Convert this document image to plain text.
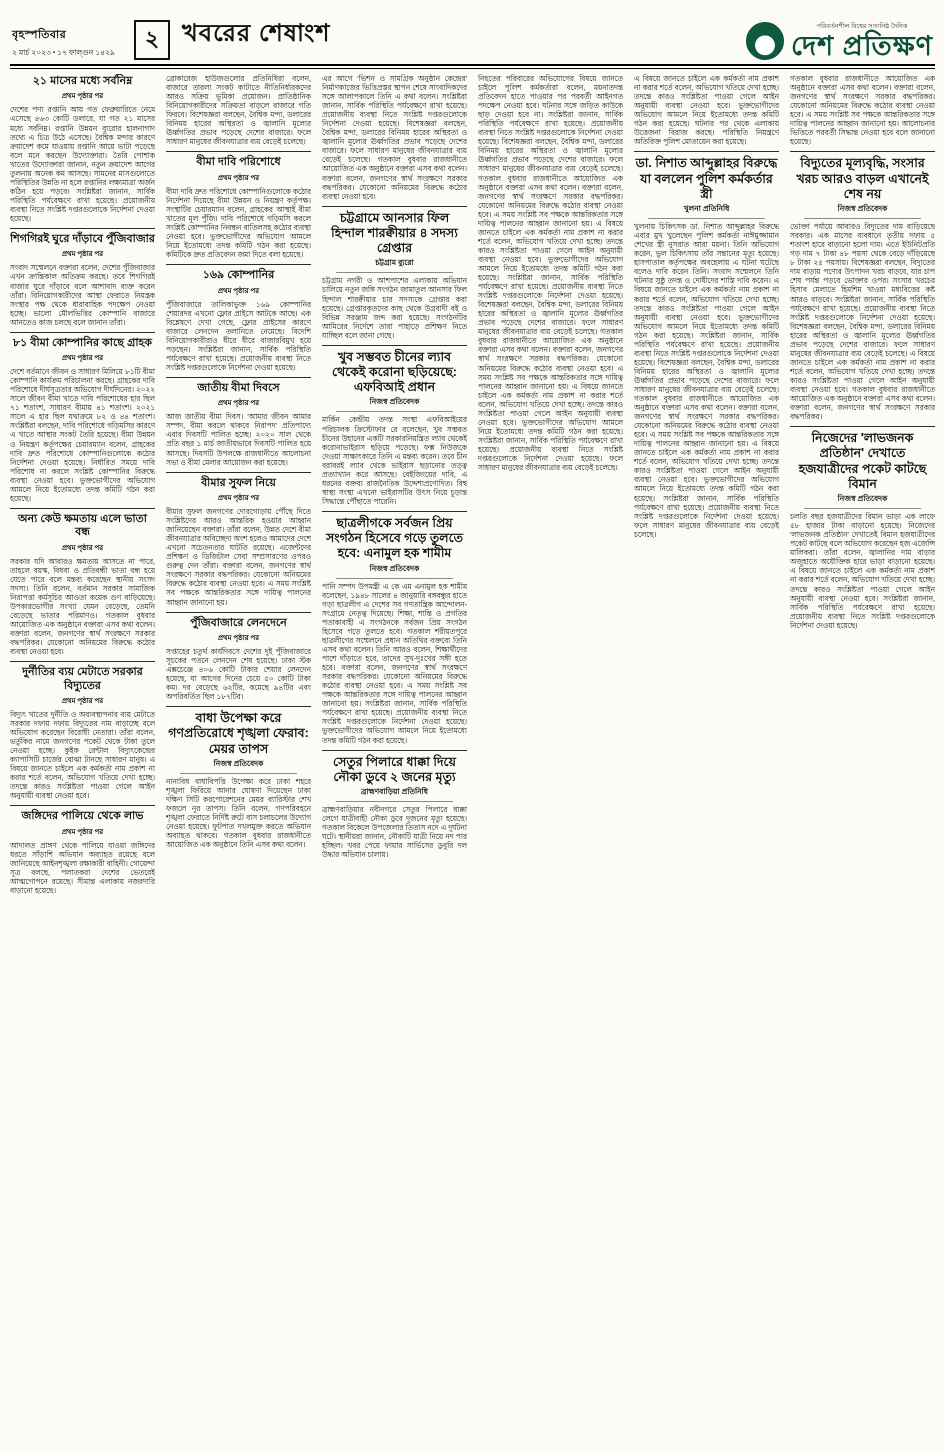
বৃহস্পতিবার
২ মার্চ ২০২৩ ▪ ১৭ ফাল্গুন ১৪২৯
২ খবরের শেষাংশ	পরিবর্তনশীল বিশ্বের সত্যনিষ্ঠ দৈনিক
দেশ প্রতিক্ষণ
২১ মাসের মধ্যে সর্বনিম্ন
প্রথম পৃষ্ঠার পর

দেশের পণ্য রপ্তানি আয় গত ফেব্রুয়ারিতে নেমে এসেছে ৪৬৩ কোটি ডলারে, যা গত ২১ মাসের মধ্যে সর্বনিম্ন। রপ্তানি উন্নয়ন ব্যুরোর হালনাগাদ তথ্যে এ চিত্র উঠে এসেছে। বৈশ্বিক মন্দার কারণে ক্রয়াদেশ কমে যাওয়ায় রপ্তানি আয়ে ভাটা পড়েছে বলে মনে করছেন উদ্যোক্তারা। তৈরি পোশাক খাতের উদ্যোক্তারা জানান, নতুন ক্রয়াদেশ আগের তুলনায় অনেক কম আসছে। সামনের মাসগুলোতে পরিস্থিতির উন্নতি না হলে রপ্তানির লক্ষ্যমাত্রা অর্জন কঠিন হয়ে পড়বে। সংশ্লিষ্টরা জানান, সার্বিক পরিস্থিতি পর্যবেক্ষণে রাখা হয়েছে। প্রয়োজনীয় ব্যবস্থা নিতে সংশ্লিষ্ট দপ্তরগুলোকে নির্দেশনা দেওয়া হয়েছে।

শিগগিরই ঘুরে দাঁড়াবে পুঁজিবাজার
প্রথম পৃষ্ঠার পর

সংবাদ সম্মেলনে বক্তারা বলেন, দেশের পুঁজিবাজার এখন ক্রান্তিকাল অতিক্রম করছে। তবে শিগগিরই বাজার ঘুরে দাঁড়াবে বলে আশাবাদ ব্যক্ত করেন তাঁরা। বিনিয়োগকারীদের আস্থা ফেরাতে নিয়ন্ত্রক সংস্থার পক্ষ থেকে ধারাবাহিক পদক্ষেপ নেওয়া হচ্ছে। ভালো মৌলভিত্তির কোম্পানি বাজারে আনতেও কাজ চলছে বলে জানান তাঁরা।

৮১ বীমা কোম্পানির কাছে গ্রাহক
প্রথম পৃষ্ঠার পর

দেশে বর্তমানে জীবন ও সাধারণ মিলিয়ে ৮১টি বীমা কোম্পানি কার্যক্রম পরিচালনা করছে। গ্রাহকের দাবি পরিশোধে দীর্ঘসূত্রতার অভিযোগ দীর্ঘদিনের। ২০২২ সালে জীবন বীমা খাতে দাবি পরিশোধের হার ছিল ৭১ শতাংশ, সাধারণ বীমায় ৪১ শতাংশ। ২০২১ সালে এ হার ছিল যথাক্রমে ৮২ ও ৪৪ শতাংশ। সংশ্লিষ্টরা বলছেন, দাবি পরিশোধে গড়িমসির কারণে এ খাতে আস্থার সংকট তৈরি হয়েছে। বীমা উন্নয়ন ও নিয়ন্ত্রণ কর্তৃপক্ষের চেয়ারম্যান বলেন, গ্রাহকের দাবি দ্রুত পরিশোধে কোম্পানিগুলোকে কঠোর নির্দেশনা দেওয়া হয়েছে। নির্ধারিত সময়ে দাবি পরিশোধ না করলে সংশ্লিষ্ট কোম্পানির বিরুদ্ধে ব্যবস্থা নেওয়া হবে। ভুক্তভোগীদের অভিযোগ আমলে নিয়ে ইতোমধ্যে তদন্ত কমিটি গঠন করা হয়েছে।

অন্য কেউ ক্ষমতায় এলে ভাতা বন্ধ
প্রথম পৃষ্ঠার পর

সরকার যদি আবারও ক্ষমতায় আসতে না পারে, তাহলে বয়স্ক, বিধবা ও প্রতিবন্ধী ভাতা বন্ধ হয়ে যেতে পারে বলে মন্তব্য করেছেন স্থানীয় সংসদ সদস্য। তিনি বলেন, বর্তমান সরকার সামাজিক নিরাপত্তা কর্মসূচির আওতা কয়েক গুণ বাড়িয়েছে। উপকারভোগীর সংখ্যা যেমন বেড়েছে, তেমনি বেড়েছে ভাতার পরিমাণও। গতকাল বুধবার আয়োজিত এক অনুষ্ঠানে বক্তারা এসব কথা বলেন। বক্তারা বলেন, জনগণের স্বার্থ সংরক্ষণে সরকার বদ্ধপরিকর। যেকোনো অনিয়মের বিরুদ্ধে কঠোর ব্যবস্থা নেওয়া হবে।

দুর্নীতির ব্যয় মেটাতে সরকার বিদ্যুতের
প্রথম পৃষ্ঠার পর

বিদ্যুৎ খাতের দুর্নীতি ও অব্যবস্থাপনার ব্যয় মেটাতে সরকার দফায় দফায় বিদ্যুতের দাম বাড়াচ্ছে বলে অভিযোগ করেছেন বিরোধী নেতারা। তাঁরা বলেন, ভর্তুকির নামে জনগণের পকেট থেকে টাকা তুলে নেওয়া হচ্ছে। কুইক রেন্টাল বিদ্যুৎকেন্দ্রের ক্যাপাসিটি চার্জের বোঝা টানছে সাধারণ মানুষ। এ বিষয়ে জানতে চাইলে এক কর্মকর্তা নাম প্রকাশ না করার শর্তে বলেন, অভিযোগ খতিয়ে দেখা হচ্ছে। তদন্তে কারও সংশ্লিষ্টতা পাওয়া গেলে আইন অনুযায়ী ব্যবস্থা নেওয়া হবে।

জঙ্গিদের পালিয়ে থেকে লাভ
প্রথম পৃষ্ঠার পর

আদালত প্রাঙ্গণ থেকে পালিয়ে যাওয়া জঙ্গিদের ধরতে সাঁড়াশি অভিযান অব্যাহত রয়েছে বলে জানিয়েছে আইনশৃঙ্খলা রক্ষাকারী বাহিনী। গোয়েন্দা সূত্র বলছে, পলাতকরা দেশের ভেতরেই আত্মগোপনে রয়েছে। সীমান্ত এলাকায় নজরদারি বাড়ানো হয়েছে।

ব্রোকারেজ হাউজগুলোর প্রতিনিধিরা বলেন, বাজারে তারল্য সংকট কাটাতে নীতিনির্ধারকদের আরও সক্রিয় ভূমিকা প্রয়োজন। প্রাতিষ্ঠানিক বিনিয়োগকারীদের সক্রিয়তা বাড়লে বাজারে গতি ফিরবে। বিশেষজ্ঞরা বলছেন, বৈশ্বিক মন্দা, ডলারের বিনিময় হারের অস্থিরতা ও জ্বালানি মূল্যের ঊর্ধ্বগতির প্রভাব পড়েছে দেশের বাজারে। ফলে সাধারণ মানুষের জীবনযাত্রার ব্যয় বেড়েই চলেছে।

বীমা দাবি পরিশোধে
প্রথম পৃষ্ঠার পর

বীমা দাবি দ্রুত পরিশোধে কোম্পানিগুলোকে কঠোর নির্দেশনা দিয়েছে বীমা উন্নয়ন ও নিয়ন্ত্রণ কর্তৃপক্ষ। সংস্থাটির চেয়ারম্যান বলেন, গ্রাহকের আস্থাই বীমা খাতের মূল পুঁজি। দাবি পরিশোধে গড়িমসি করলে সংশ্লিষ্ট কোম্পানির নিবন্ধন বাতিলসহ কঠোর ব্যবস্থা নেওয়া হবে। ভুক্তভোগীদের অভিযোগ আমলে নিয়ে ইতোমধ্যে তদন্ত কমিটি গঠন করা হয়েছে। কমিটিকে দ্রুত প্রতিবেদন জমা দিতে বলা হয়েছে।

১৬৯ কোম্পানির
প্রথম পৃষ্ঠার পর

পুঁজিবাজারে তালিকাভুক্ত ১৬৯ কোম্পানির শেয়ারদর এখনো ফ্লোর প্রাইসে আটকে আছে। এক বিশ্লেষণে দেখা গেছে, ফ্লোর প্রাইসের কারণে বাজারে লেনদেন তলানিতে নেমেছে। বিদেশি বিনিয়োগকারীরাও ধীরে ধীরে বাজারবিমুখ হয়ে পড়ছেন। সংশ্লিষ্টরা জানান, সার্বিক পরিস্থিতি পর্যবেক্ষণে রাখা হয়েছে। প্রয়োজনীয় ব্যবস্থা নিতে সংশ্লিষ্ট দপ্তরগুলোকে নির্দেশনা দেওয়া হয়েছে।

জাতীয় বীমা দিবসে
প্রথম পৃষ্ঠার পর

আজ জাতীয় বীমা দিবস। 'আমার জীবন আমার সম্পদ, বীমা করলে থাকবে নিরাপদ' প্রতিপাদ্যে এবার দিবসটি পালিত হচ্ছে। ২০২০ সাল থেকে প্রতি বছর ১ মার্চ জাতীয়ভাবে দিবসটি পালিত হয়ে আসছে। দিবসটি উপলক্ষে রাজধানীতে আলোচনা সভা ও বীমা মেলার আয়োজন করা হয়েছে।

বীমার সুফল নিয়ে
প্রথম পৃষ্ঠার পর

বীমার সুফল জনগণের দোরগোড়ায় পৌঁছে দিতে সংশ্লিষ্টদের আরও আন্তরিক হওয়ার আহ্বান জানিয়েছেন বক্তারা। তাঁরা বলেন, উন্নত দেশে বীমা জীবনযাত্রার অবিচ্ছেদ্য অংশ হলেও আমাদের দেশে এখনো সচেতনতার ঘাটতি রয়েছে। এজেন্টদের প্রশিক্ষণ ও ডিজিটাল সেবা সম্প্রসারণের ওপরও গুরুত্ব দেন তাঁরা। বক্তারা বলেন, জনগণের স্বার্থ সংরক্ষণে সরকার বদ্ধপরিকর। যেকোনো অনিয়মের বিরুদ্ধে কঠোর ব্যবস্থা নেওয়া হবে। এ সময় সংশ্লিষ্ট সব পক্ষকে আন্তরিকতার সঙ্গে দায়িত্ব পালনের আহ্বান জানানো হয়।

পুঁজিবাজারে লেনদেনে
প্রথম পৃষ্ঠার পর

সপ্তাহের চতুর্থ কার্যদিবসে দেশের দুই পুঁজিবাজারে সূচকের পতনে লেনদেন শেষ হয়েছে। ঢাকা স্টক এক্সচেঞ্জে ৪০৬ কোটি টাকার শেয়ার লেনদেন হয়েছে, যা আগের দিনের চেয়ে ৫০ কোটি টাকা কম। দর বেড়েছে ৬২টির, কমেছে ৯৪টির এবং অপরিবর্তিত ছিল ১৮৭টির।

বাধা উপেক্ষা করে গণপ্রতিরোধে শৃঙ্খলা ফেরাব: মেয়র তাপস
নিজস্ব প্রতিবেদক

নানাবিধ বাধাবিপত্তি উপেক্ষা করে ঢাকা শহরে শৃঙ্খলা ফিরিয়ে আনার ঘোষণা দিয়েছেন ঢাকা দক্ষিণ সিটি করপোরেশনের মেয়র ব্যারিস্টার শেখ ফজলে নূর তাপস। তিনি বলেন, গণপরিবহনে শৃঙ্খলা ফেরাতে নির্দিষ্ট রুটে বাস চলাচলের উদ্যোগ নেওয়া হয়েছে। ফুটপাত দখলমুক্ত করতে অভিযান অব্যাহত থাকবে। গতকাল বুধবার রাজধানীতে আয়োজিত এক অনুষ্ঠানে তিনি এসব কথা বলেন।

এর আগে 'ভিশন ও সামগ্রিক অনুষ্ঠান কেন্দ্রের' নির্মাণকাজের ভিত্তিপ্রস্তর স্থাপন শেষে সাংবাদিকদের সঙ্গে আলাপকালে তিনি এ কথা বলেন। সংশ্লিষ্টরা জানান, সার্বিক পরিস্থিতি পর্যবেক্ষণে রাখা হয়েছে। প্রয়োজনীয় ব্যবস্থা নিতে সংশ্লিষ্ট দপ্তরগুলোকে নির্দেশনা দেওয়া হয়েছে। বিশেষজ্ঞরা বলছেন, বৈশ্বিক মন্দা, ডলারের বিনিময় হারের অস্থিরতা ও জ্বালানি মূল্যের ঊর্ধ্বগতির প্রভাব পড়েছে দেশের বাজারে। ফলে সাধারণ মানুষের জীবনযাত্রার ব্যয় বেড়েই চলেছে। গতকাল বুধবার রাজধানীতে আয়োজিত এক অনুষ্ঠানে বক্তারা এসব কথা বলেন। বক্তারা বলেন, জনগণের স্বার্থ সংরক্ষণে সরকার বদ্ধপরিকর। যেকোনো অনিয়মের বিরুদ্ধে কঠোর ব্যবস্থা নেওয়া হবে।

চট্টগ্রামে আনসার ফিল হিন্দাল শারক্বীয়ার ৪ সদস্য গ্রেপ্তার
চট্টগ্রাম ব্যুরো

চট্টগ্রাম নগরী ও আশপাশের এলাকায় অভিযান চালিয়ে নতুন জঙ্গি সংগঠন জামাতুল আনসার ফিল হিন্দাল শারক্বীয়ার চার সদস্যকে গ্রেপ্তার করা হয়েছে। গ্রেপ্তারকৃতদের কাছ থেকে উগ্রবাদী বই ও বিভিন্ন সরঞ্জাম জব্দ করা হয়েছে। সংগঠনটির আমিরের নির্দেশে তারা পাহাড়ে প্রশিক্ষণ নিতে যাচ্ছিল বলে জানা গেছে।

খুব সম্ভবত চীনের ল্যাব থেকেই করোনা ছড়িয়েছে: এফবিআই প্রধান
নিজস্ব প্রতিবেদক

মার্কিন কেন্দ্রীয় তদন্ত সংস্থা এফবিআইয়ের পরিচালক ক্রিস্টোফার রে বলেছেন, খুব সম্ভবত চীনের উহানের একটি সরকারনিয়ন্ত্রিত ল্যাব থেকেই করোনাভাইরাস ছড়িয়ে পড়েছে। ফক্স নিউজকে দেওয়া সাক্ষাৎকারে তিনি এ মন্তব্য করেন। তবে চীন বরাবরই ল্যাব থেকে ভাইরাস ছড়ানোর তত্ত্ব প্রত্যাখ্যান করে আসছে। বেইজিংয়ের দাবি, এ ধরনের বক্তব্য রাজনৈতিক উদ্দেশ্যপ্রণোদিত। বিশ্ব স্বাস্থ্য সংস্থা এখনো ভাইরাসটির উৎস নিয়ে চূড়ান্ত সিদ্ধান্তে পৌঁছাতে পারেনি।

ছাত্রলীগকে সর্বজন প্রিয় সংগঠন হিসেবে গড়ে তুলতে হবে: এনামুল হক শামীম
নিজস্ব প্রতিবেদক

পানি সম্পদ উপমন্ত্রী এ কে এম এনামুল হক শামীম বলেছেন, ১৯৪৮ সালের ৪ জানুয়ারি বঙ্গবন্ধুর হাতে গড়া ছাত্রলীগ এ দেশের সব গণতান্ত্রিক আন্দোলন-সংগ্রামে নেতৃত্ব দিয়েছে। শিক্ষা, শান্তি ও প্রগতির পতাকাবাহী এ সংগঠনকে সর্বজন প্রিয় সংগঠন হিসেবে গড়ে তুলতে হবে। গতকাল শরীয়তপুরে ছাত্রলীগের সম্মেলনে প্রধান অতিথির বক্তব্যে তিনি এসব কথা বলেন। তিনি আরও বলেন, শিক্ষার্থীদের পাশে দাঁড়াতে হবে, তাদের সুখ-দুঃখের সঙ্গী হতে হবে। বক্তারা বলেন, জনগণের স্বার্থ সংরক্ষণে সরকার বদ্ধপরিকর। যেকোনো অনিয়মের বিরুদ্ধে কঠোর ব্যবস্থা নেওয়া হবে। এ সময় সংশ্লিষ্ট সব পক্ষকে আন্তরিকতার সঙ্গে দায়িত্ব পালনের আহ্বান জানানো হয়। সংশ্লিষ্টরা জানান, সার্বিক পরিস্থিতি পর্যবেক্ষণে রাখা হয়েছে। প্রয়োজনীয় ব্যবস্থা নিতে সংশ্লিষ্ট দপ্তরগুলোকে নির্দেশনা দেওয়া হয়েছে। ভুক্তভোগীদের অভিযোগ আমলে নিয়ে ইতোমধ্যে তদন্ত কমিটি গঠন করা হয়েছে।

সেতুর পিলারে ধাক্কা দিয়ে নৌকা ডুবে ২ জনের মৃত্যু
ব্রাহ্মণবাড়িয়া প্রতিনিধি

ব্রাহ্মণবাড়িয়ার নবীনগরে সেতুর পিলারে ধাক্কা লেগে যাত্রীবাহী নৌকা ডুবে দুজনের মৃত্যু হয়েছে। গতকাল বিকেলে উপজেলার তিতাস নদে এ দুর্ঘটনা ঘটে। স্থানীয়রা জানান, নৌকাটি যাত্রী নিয়ে নদ পার হচ্ছিল। খবর পেয়ে ফায়ার সার্ভিসের ডুবুরি দল উদ্ধার অভিযান চালায়।

নিহতের পরিবারের অভিযোগের বিষয়ে জানতে চাইলে পুলিশ কর্মকর্তারা বলেন, ময়নাতদন্ত প্রতিবেদন হাতে পাওয়ার পর পরবর্তী আইনগত পদক্ষেপ নেওয়া হবে। ঘটনার সঙ্গে জড়িত কাউকে ছাড় দেওয়া হবে না। সংশ্লিষ্টরা জানান, সার্বিক পরিস্থিতি পর্যবেক্ষণে রাখা হয়েছে। প্রয়োজনীয় ব্যবস্থা নিতে সংশ্লিষ্ট দপ্তরগুলোকে নির্দেশনা দেওয়া হয়েছে। বিশেষজ্ঞরা বলছেন, বৈশ্বিক মন্দা, ডলারের বিনিময় হারের অস্থিরতা ও জ্বালানি মূল্যের ঊর্ধ্বগতির প্রভাব পড়েছে দেশের বাজারে। ফলে সাধারণ মানুষের জীবনযাত্রার ব্যয় বেড়েই চলেছে। গতকাল বুধবার রাজধানীতে আয়োজিত এক অনুষ্ঠানে বক্তারা এসব কথা বলেন। বক্তারা বলেন, জনগণের স্বার্থ সংরক্ষণে সরকার বদ্ধপরিকর। যেকোনো অনিয়মের বিরুদ্ধে কঠোর ব্যবস্থা নেওয়া হবে। এ সময় সংশ্লিষ্ট সব পক্ষকে আন্তরিকতার সঙ্গে দায়িত্ব পালনের আহ্বান জানানো হয়। এ বিষয়ে জানতে চাইলে এক কর্মকর্তা নাম প্রকাশ না করার শর্তে বলেন, অভিযোগ খতিয়ে দেখা হচ্ছে। তদন্তে কারও সংশ্লিষ্টতা পাওয়া গেলে আইন অনুযায়ী ব্যবস্থা নেওয়া হবে। ভুক্তভোগীদের অভিযোগ আমলে নিয়ে ইতোমধ্যে তদন্ত কমিটি গঠন করা হয়েছে। সংশ্লিষ্টরা জানান, সার্বিক পরিস্থিতি পর্যবেক্ষণে রাখা হয়েছে। প্রয়োজনীয় ব্যবস্থা নিতে সংশ্লিষ্ট দপ্তরগুলোকে নির্দেশনা দেওয়া হয়েছে। বিশেষজ্ঞরা বলছেন, বৈশ্বিক মন্দা, ডলারের বিনিময় হারের অস্থিরতা ও জ্বালানি মূল্যের ঊর্ধ্বগতির প্রভাব পড়েছে দেশের বাজারে। ফলে সাধারণ মানুষের জীবনযাত্রার ব্যয় বেড়েই চলেছে। গতকাল বুধবার রাজধানীতে আয়োজিত এক অনুষ্ঠানে বক্তারা এসব কথা বলেন। বক্তারা বলেন, জনগণের স্বার্থ সংরক্ষণে সরকার বদ্ধপরিকর। যেকোনো অনিয়মের বিরুদ্ধে কঠোর ব্যবস্থা নেওয়া হবে। এ সময় সংশ্লিষ্ট সব পক্ষকে আন্তরিকতার সঙ্গে দায়িত্ব পালনের আহ্বান জানানো হয়। এ বিষয়ে জানতে চাইলে এক কর্মকর্তা নাম প্রকাশ না করার শর্তে বলেন, অভিযোগ খতিয়ে দেখা হচ্ছে। তদন্তে কারও সংশ্লিষ্টতা পাওয়া গেলে আইন অনুযায়ী ব্যবস্থা নেওয়া হবে। ভুক্তভোগীদের অভিযোগ আমলে নিয়ে ইতোমধ্যে তদন্ত কমিটি গঠন করা হয়েছে। সংশ্লিষ্টরা জানান, সার্বিক পরিস্থিতি পর্যবেক্ষণে রাখা হয়েছে। প্রয়োজনীয় ব্যবস্থা নিতে সংশ্লিষ্ট দপ্তরগুলোকে নির্দেশনা দেওয়া হয়েছে। ফলে সাধারণ মানুষের জীবনযাত্রার ব্যয় বেড়েই চলেছে।

এ বিষয়ে জানতে চাইলে এক কর্মকর্তা নাম প্রকাশ না করার শর্তে বলেন, অভিযোগ খতিয়ে দেখা হচ্ছে। তদন্তে কারও সংশ্লিষ্টতা পাওয়া গেলে আইন অনুযায়ী ব্যবস্থা নেওয়া হবে। ভুক্তভোগীদের অভিযোগ আমলে নিয়ে ইতোমধ্যে তদন্ত কমিটি গঠন করা হয়েছে। ঘটনার পর থেকে এলাকায় উত্তেজনা বিরাজ করছে। পরিস্থিতি নিয়ন্ত্রণে অতিরিক্ত পুলিশ মোতায়েন করা হয়েছে।

ডা. নিশাত আব্দুল্লাহর বিরুদ্ধে যা বললেন পুলিশ কর্মকর্তার স্ত্রী
খুলনা প্রতিনিধি

খুলনায় চিকিৎসক ডা. নিশাত আব্দুল্লাহর বিরুদ্ধে এবার মুখ খুলেছেন পুলিশ কর্মকর্তা নাঈমুজ্জামান শেখের স্ত্রী নুসরাত আরা ময়না। তিনি অভিযোগ করেন, ভুল চিকিৎসায় তাঁর সন্তানের মৃত্যু হয়েছে। হাসপাতাল কর্তৃপক্ষের অবহেলায় এ ঘটনা ঘটেছে বলেও দাবি করেন তিনি। সংবাদ সম্মেলনে তিনি ঘটনার সুষ্ঠু তদন্ত ও দোষীদের শাস্তি দাবি করেন। এ বিষয়ে জানতে চাইলে এক কর্মকর্তা নাম প্রকাশ না করার শর্তে বলেন, অভিযোগ খতিয়ে দেখা হচ্ছে। তদন্তে কারও সংশ্লিষ্টতা পাওয়া গেলে আইন অনুযায়ী ব্যবস্থা নেওয়া হবে। ভুক্তভোগীদের অভিযোগ আমলে নিয়ে ইতোমধ্যে তদন্ত কমিটি গঠন করা হয়েছে। সংশ্লিষ্টরা জানান, সার্বিক পরিস্থিতি পর্যবেক্ষণে রাখা হয়েছে। প্রয়োজনীয় ব্যবস্থা নিতে সংশ্লিষ্ট দপ্তরগুলোকে নির্দেশনা দেওয়া হয়েছে। বিশেষজ্ঞরা বলছেন, বৈশ্বিক মন্দা, ডলারের বিনিময় হারের অস্থিরতা ও জ্বালানি মূল্যের ঊর্ধ্বগতির প্রভাব পড়েছে দেশের বাজারে। ফলে সাধারণ মানুষের জীবনযাত্রার ব্যয় বেড়েই চলেছে। গতকাল বুধবার রাজধানীতে আয়োজিত এক অনুষ্ঠানে বক্তারা এসব কথা বলেন। বক্তারা বলেন, জনগণের স্বার্থ সংরক্ষণে সরকার বদ্ধপরিকর। যেকোনো অনিয়মের বিরুদ্ধে কঠোর ব্যবস্থা নেওয়া হবে। এ সময় সংশ্লিষ্ট সব পক্ষকে আন্তরিকতার সঙ্গে দায়িত্ব পালনের আহ্বান জানানো হয়। এ বিষয়ে জানতে চাইলে এক কর্মকর্তা নাম প্রকাশ না করার শর্তে বলেন, অভিযোগ খতিয়ে দেখা হচ্ছে। তদন্তে কারও সংশ্লিষ্টতা পাওয়া গেলে আইন অনুযায়ী ব্যবস্থা নেওয়া হবে। ভুক্তভোগীদের অভিযোগ আমলে নিয়ে ইতোমধ্যে তদন্ত কমিটি গঠন করা হয়েছে। সংশ্লিষ্টরা জানান, সার্বিক পরিস্থিতি পর্যবেক্ষণে রাখা হয়েছে। প্রয়োজনীয় ব্যবস্থা নিতে সংশ্লিষ্ট দপ্তরগুলোকে নির্দেশনা দেওয়া হয়েছে। ফলে সাধারণ মানুষের জীবনযাত্রার ব্যয় বেড়েই চলেছে।

গতকাল বুধবার রাজধানীতে আয়োজিত এক অনুষ্ঠানে বক্তারা এসব কথা বলেন। বক্তারা বলেন, জনগণের স্বার্থ সংরক্ষণে সরকার বদ্ধপরিকর। যেকোনো অনিয়মের বিরুদ্ধে কঠোর ব্যবস্থা নেওয়া হবে। এ সময় সংশ্লিষ্ট সব পক্ষকে আন্তরিকতার সঙ্গে দায়িত্ব পালনের আহ্বান জানানো হয়। আলোচনার ভিত্তিতে পরবর্তী সিদ্ধান্ত নেওয়া হবে বলে জানানো হয়েছে।

বিদ্যুতের মূল্যবৃদ্ধি, সংসার খরচ আরও বাড়ল এখানেই শেষ নয়
নিজস্ব প্রতিবেদক

ভোক্তা পর্যায়ে আবারও বিদ্যুতের দাম বাড়িয়েছে সরকার। এক মাসের ব্যবধানে তৃতীয় দফায় ৫ শতাংশ হারে বাড়ানো হলো দাম। এতে ইউনিটপ্রতি গড় দাম ৭ টাকা ৪৮ পয়সা থেকে বেড়ে দাঁড়িয়েছে ৮ টাকা ২৫ পয়সায়। বিশেষজ্ঞরা বলছেন, বিদ্যুতের দাম বাড়ায় পণ্যের উৎপাদন খরচ বাড়বে, যার চাপ শেষ পর্যন্ত পড়বে ভোক্তার ওপর। সংসার খরচের হিসাব মেলাতে হিমশিম খাওয়া মধ্যবিত্তের কষ্ট আরও বাড়বে। সংশ্লিষ্টরা জানান, সার্বিক পরিস্থিতি পর্যবেক্ষণে রাখা হয়েছে। প্রয়োজনীয় ব্যবস্থা নিতে সংশ্লিষ্ট দপ্তরগুলোকে নির্দেশনা দেওয়া হয়েছে। বিশেষজ্ঞরা বলছেন, বৈশ্বিক মন্দা, ডলারের বিনিময় হারের অস্থিরতা ও জ্বালানি মূল্যের ঊর্ধ্বগতির প্রভাব পড়েছে দেশের বাজারে। ফলে সাধারণ মানুষের জীবনযাত্রার ব্যয় বেড়েই চলেছে। এ বিষয়ে জানতে চাইলে এক কর্মকর্তা নাম প্রকাশ না করার শর্তে বলেন, অভিযোগ খতিয়ে দেখা হচ্ছে। তদন্তে কারও সংশ্লিষ্টতা পাওয়া গেলে আইন অনুযায়ী ব্যবস্থা নেওয়া হবে। গতকাল বুধবার রাজধানীতে আয়োজিত এক অনুষ্ঠানে বক্তারা এসব কথা বলেন। বক্তারা বলেন, জনগণের স্বার্থ সংরক্ষণে সরকার বদ্ধপরিকর।

নিজেদের 'লাভজনক প্রতিষ্ঠান' দেখাতে হজযাত্রীদের পকেট কাটছে বিমান
নিজস্ব প্রতিবেদক

চলতি বছর হজযাত্রীদের বিমান ভাড়া এক লাফে ৫৮ হাজার টাকা বাড়ানো হয়েছে। নিজেদের 'লাভজনক প্রতিষ্ঠান' দেখাতেই বিমান হজযাত্রীদের পকেট কাটছে বলে অভিযোগ করেছেন হজ এজেন্সি মালিকরা। তাঁরা বলেন, জ্বালানির দাম বাড়ার অজুহাতে অযৌক্তিক হারে ভাড়া বাড়ানো হয়েছে। এ বিষয়ে জানতে চাইলে এক কর্মকর্তা নাম প্রকাশ না করার শর্তে বলেন, অভিযোগ খতিয়ে দেখা হচ্ছে। তদন্তে কারও সংশ্লিষ্টতা পাওয়া গেলে আইন অনুযায়ী ব্যবস্থা নেওয়া হবে। সংশ্লিষ্টরা জানান, সার্বিক পরিস্থিতি পর্যবেক্ষণে রাখা হয়েছে। প্রয়োজনীয় ব্যবস্থা নিতে সংশ্লিষ্ট দপ্তরগুলোকে নির্দেশনা দেওয়া হয়েছে।
